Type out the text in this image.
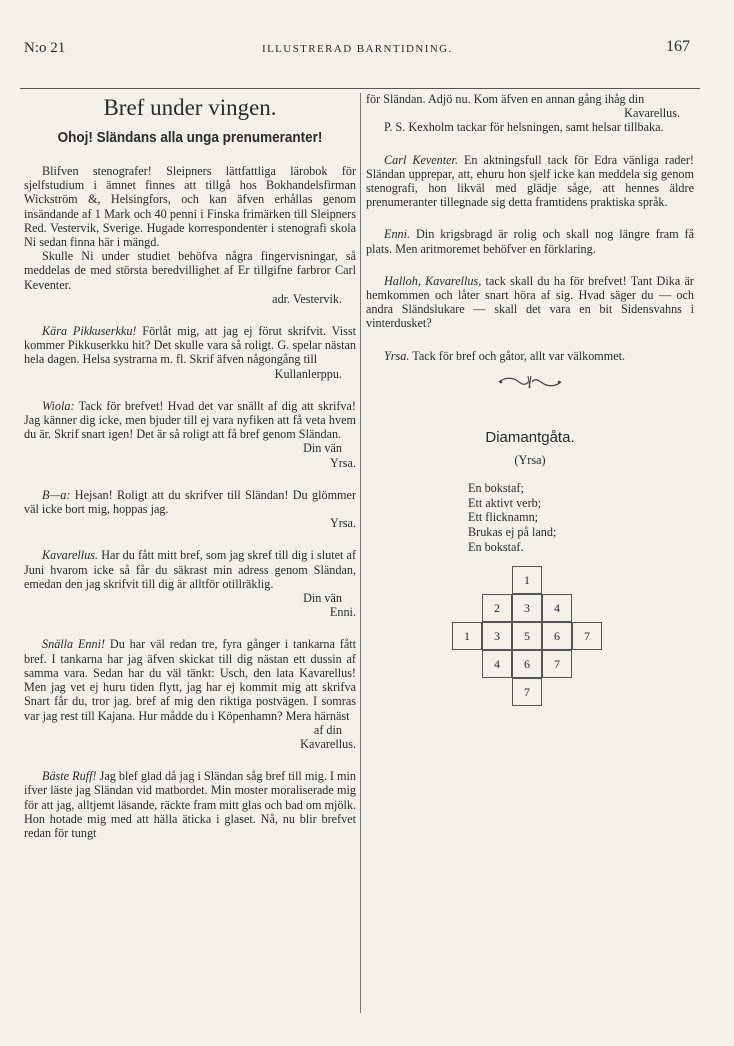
N:o 21	ILLUSTRERAD BARNTIDNING.	167
Bref under vingen.
Ohoj! Sländans alla unga prenumeranter!

Blifven stenografer! Sleipners lättfattliga lärobok för sjelfstudium i ämnet finnes att tillgå hos Bokhandelsfirman Wickström &, Helsingfors, och kan äfven erhållas genom insändande af 1 Mark och 40 penni i Finska frimärken till Sleipners Red. Vestervik, Sverige. Hugade korrespondenter i stenografi skola Ni sedan finna här i mängd.

Skulle Ni under studiet behöfva några fingervisningar, så meddelas de med största beredvillighet af Er tillgifne farbror Carl Keventer.

adr. Vestervik.

Kära Pikkuserkku! Förlåt mig, att jag ej förut skrifvit. Visst kommer Pikkuserkku hit? Det skulle vara så roligt. G. spelar nästan hela dagen. Helsa systrarna m. fl. Skrif äfven någongång till

Kullanlerppu.

Wiola: Tack för brefvet! Hvad det var snällt af dig att skrifva! Jag känner dig icke, men bjuder till ej vara nyfiken att få veta hvem du är. Skrif snart igen! Det är så roligt att få bref genom Sländan.

Din vän

Yrsa.

B—a: Hejsan! Roligt att du skrifver till Sländan! Du glömmer väl icke bort mig, hoppas jag.

Yrsa.

Kavarellus. Har du fått mitt bref, som jag skref till dig i slutet af Juni hvarom icke så får du säkrast min adress genom Sländan, emedan den jag skrifvit till dig är alltför otillräklig.

Din vän

Enni.

Snälla Enni! Du har väl redan tre, fyra gånger i tankarna fått bref. I tankarna har jag äfven skickat till dig nästan ett dussin af samma vara. Sedan har du väl tänkt: Usch, den lata Kavarellus! Men jag vet ej huru tiden flytt, jag har ej kommit mig att skrifva Snart får du, tror jag. bref af mig den riktiga postvägen. I somras var jag rest till Kajana. Hur mådde du i Köpenhamn? Mera härnäst

af din

Kavarellus.

Bäste Ruff! Jag blef glad då jag i Sländan såg bref till mig. I min ifver läste jag Sländan vid matbordet. Min moster moraliserade mig för att jag, alltjemt läsande, räckte fram mitt glas och bad om mjölk. Hon hotade mig med att hälla äticka i glaset. Nå, nu blir brefvet redan för tungt

för Sländan. Adjö nu. Kom äfven en annan gång ihåg din

Kavarellus.

P. S. Kexholm tackar för helsningen, samt helsar tillbaka.

Carl Keventer. En aktningsfull tack för Edra vänliga rader! Sländan upprepar, att, ehuru hon sjelf icke kan meddela sig genom stenografi, hon likväl med glädje såge, att hennes äldre prenumeranter tillegnade sig detta framtidens praktiska språk.

Enni. Din krigsbragd är rolig och skall nog längre fram få plats. Men aritmoremet behöfver en förklaring.

Halloh, Kavarellus, tack skall du ha för brefvet! Tant Dika är hemkommen och låter snart höra af sig. Hvad säger du — och andra Sländslukare — skall det vara en bit Sidensvahns i vinterdusket?

Yrsa. Tack för bref och gåtor, allt var välkommet.

Diamantgåta.
(Yrsa)
En bokstaf;
Ett aktivt verb;
Ett flicknamn;
Brukas ej på land;
En bokstaf.
1
2	3	4
1	3	5	6	7
4	6	7
7
